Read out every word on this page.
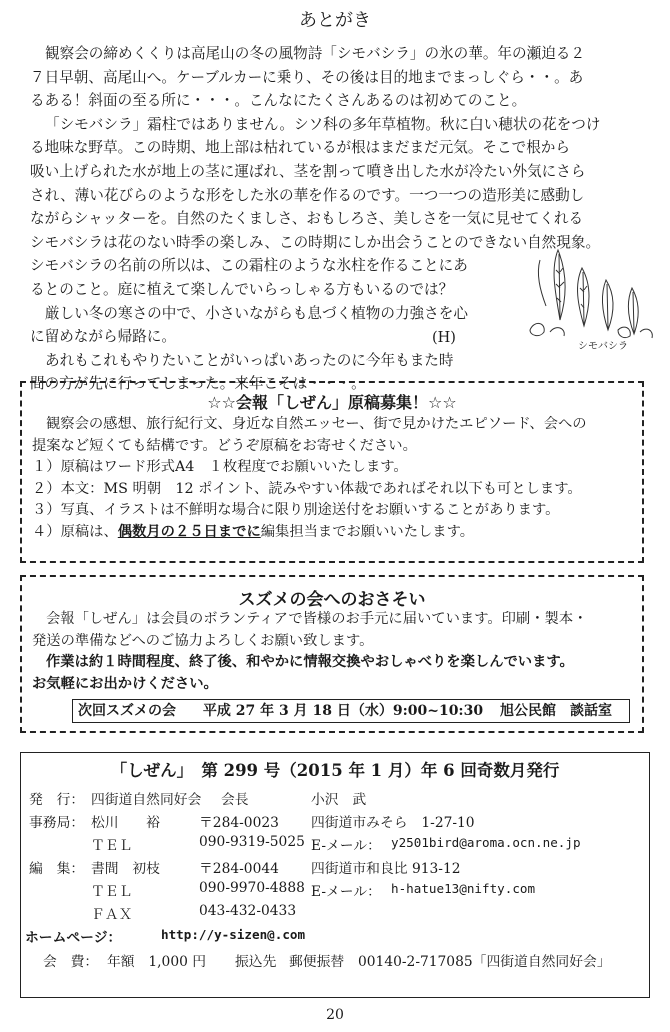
あとがき

観察会の締めくくりは高尾山の冬の風物詩「シモバシラ」の氷の華。年の瀬迫る２

７日早朝、高尾山へ。ケーブルカーに乗り、その後は目的地までまっしぐら・・。あ

るある！斜面の至る所に・・・。こんなにたくさんあるのは初めてのこと。

「シモバシラ」霜柱ではありません。シソ科の多年草植物。秋に白い穂状の花をつけ

る地味な野草。この時期、地上部は枯れているが根はまだまだ元気。そこで根から

吸い上げられた水が地上の茎に運ばれ、茎を割って噴き出した水が冷たい外気にさら

され、薄い花びらのような形をした氷の華を作るのです。一つ一つの造形美に感動し

ながらシャッターを。自然のたくましさ、おもしろさ、美しさを一気に見せてくれる

シモバシラは花のない時季の楽しみ、この時期にしか出会うことのできない自然現象。

シモバシラの名前の所以は、この霜柱のような氷柱を作ることにあ

るとのこと。庭に植えて楽しんでいらっしゃる方もいるのでは？

厳しい冬の寒さの中で、小さいながらも息づく植物の力強さを心

に留めながら帰路に。

あれもこれもやりたいことがいっぱいあったのに今年もまた時

間の方が先に行ってしまった。来年こそは・・・。

(H)
シモバシラ
☆☆会報「しぜん」原稿募集！☆☆
観察会の感想、旅行紀行文、身近な自然エッセー、街で見かけたエピソード、会への
提案など短くても結構です。どうぞ原稿をお寄せください。
１）原稿はワード形式A4　１枚程度でお願いいたします。
２）本文：MS 明朝　12 ポイント、読みやすい体裁であればそれ以下も可とします。
３）写真、イラストは不鮮明な場合に限り別途送付をお願いすることがあります。
４）原稿は、偶数月の２５日までに編集担当までお願いいたします。
スズメの会へのおさそい
会報「しぜん」は会員のボランティアで皆様のお手元に届いています。印刷・製本・
発送の準備などへのご協力よろしくお願い致します。
作業は約１時間程度、終了後、和やかに情報交換やおしゃべりを楽しんでいます。
お気軽にお出かけください。
次回スズメの会 平成 27 年 3 月 18 日（水）9:00~10:30 旭公民館　談話室
「しぜん」　第 299 号（2015 年 1 月）年 6 回奇数月発行
発　行： 四街道自然同好会 会長	小沢　武
事務局： 松川　　裕	〒284-0023 四街道市みそら　1-27-10
ＴＥＬ	090-9319-5025 E-メール： y2501bird@aroma.ocn.ne.jp
編　集： 書間　初枝	〒284-0044 四街道市和良比 913-12
ＴＥＬ	090-9970-4888 E-メール： h-hatue13@nifty.com
ＦＡＸ	043-432-0433
ホームページ：	http://y-sizen@.com
会　費： 年額　1,000 円 振込先 郵便振替　00140-2-717085「四街道自然同好会」
20
